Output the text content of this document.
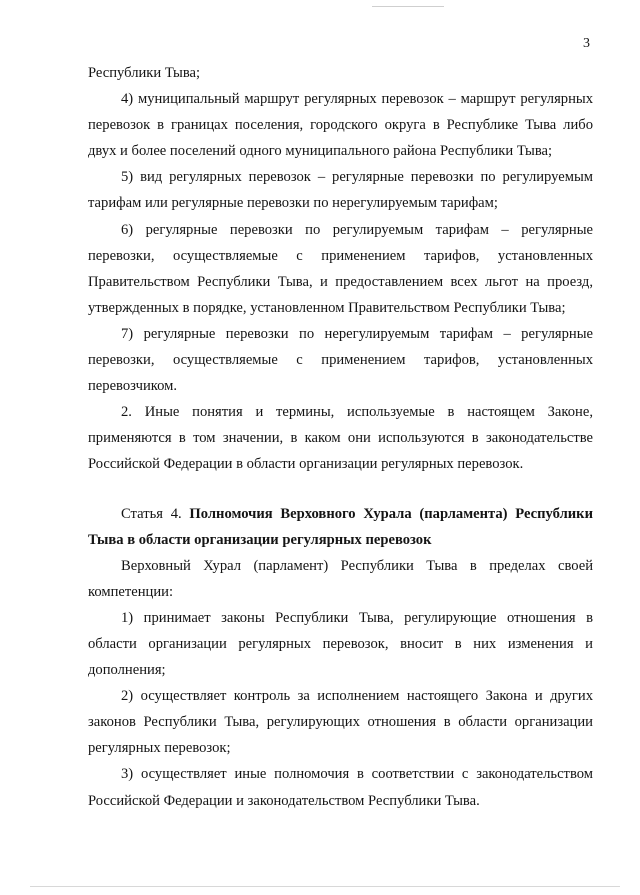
3

Республики Тыва;

4) муниципальный маршрут регулярных перевозок – маршрут регулярных перевозок в границах поселения, городского округа в Республике Тыва либо двух и более поселений одного муниципального района Республики Тыва;

5) вид регулярных перевозок – регулярные перевозки по регулируемым тарифам или регулярные перевозки по нерегулируемым тарифам;

6) регулярные перевозки по регулируемым тарифам – регулярные перевозки, осуществляемые с применением тарифов, установленных Правительством Республики Тыва, и предоставлением всех льгот на проезд, утвержденных в порядке, установленном Правительством Республики Тыва;

7) регулярные перевозки по нерегулируемым тарифам – регулярные перевозки, осуществляемые с применением тарифов, установленных перевозчиком.

2. Иные понятия и термины, используемые в настоящем Законе, применяются в том значении, в каком они используются в законодательстве Российской Федерации в области организации регулярных перевозок.

Статья 4. Полномочия Верховного Хурала (парламента) Республики Тыва в области организации регулярных перевозок

Верховный Хурал (парламент) Республики Тыва в пределах своей компетенции:

1) принимает законы Республики Тыва, регулирующие отношения в области организации регулярных перевозок, вносит в них изменения и дополнения;

2) осуществляет контроль за исполнением настоящего Закона и других законов Республики Тыва, регулирующих отношения в области организации регулярных перевозок;

3) осуществляет иные полномочия в соответствии с законодательством Российской Федерации и законодательством Республики Тыва.
